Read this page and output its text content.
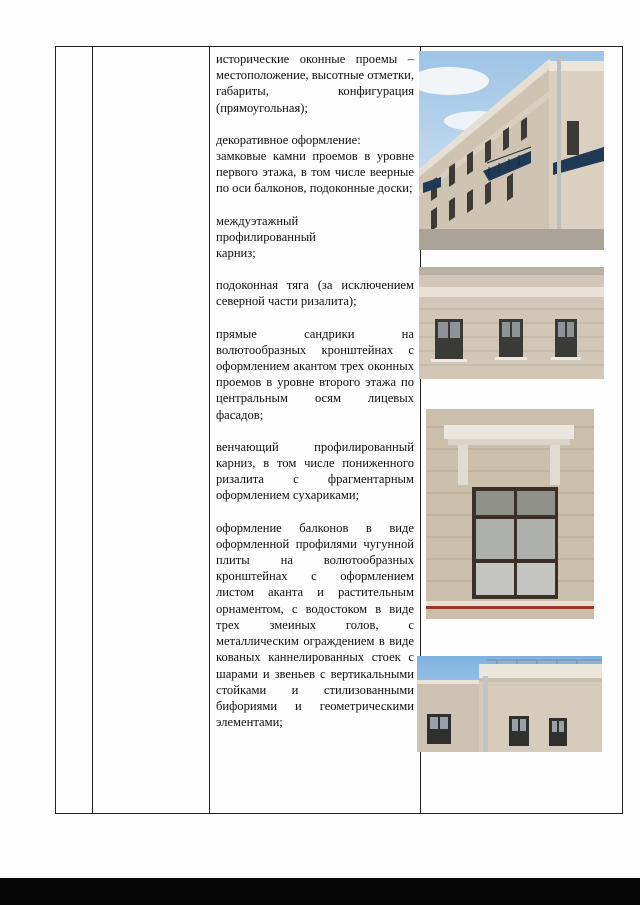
исторические оконные проемы – местоположение, высотные отметки, габариты, конфигурация (прямоугольная);

декоративное оформление:

замковые камни проемов в уровне первого этажа, в том числе веерные по оси балконов, подоконные доски;

междуэтажный профилированный карниз;

подоконная тяга (за исключением северной части ризалита);

прямые сандрики на волютообразных кронштейнах с оформлением акантом трех оконных проемов в уровне второго этажа по центральным осям лицевых фасадов;

венчающий профилированный карниз, в том числе пониженного ризалита с фрагментарным оформлением сухариками;

оформление балконов в виде оформленной профилями чугунной плиты на волютообразных кронштейнах с оформлением листом аканта и растительным орнаментом, с водостоком в виде трех змеиных голов, с металлическим ограждением в виде кованых каннелированных стоек с шарами и звеньев с вертикальными стойками и стилизованными бифориями и геометрическими элементами;
